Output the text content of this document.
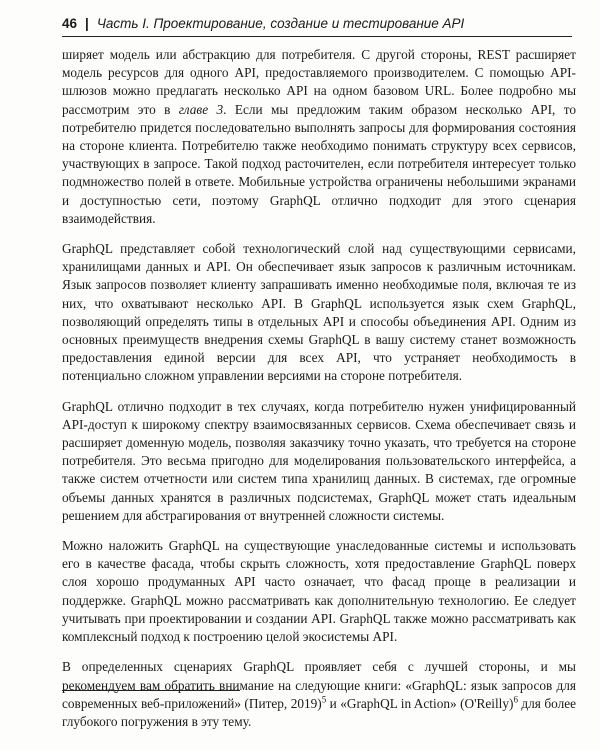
46 | Часть I. Проектирование, создание и тестирование API

ширяет модель или абстракцию для потребителя. С другой стороны, REST расширяет модель ресурсов для одного API, предоставляемого производителем. С помощью API-шлюзов можно предлагать несколько API на одном базовом URL. Более подробно мы рассмотрим это в главе 3. Если мы предложим таким образом несколько API, то потребителю придется последовательно выполнять запросы для формирования состояния на стороне клиента. Потребителю также необходимо понимать структуру всех сервисов, участвующих в запросе. Такой подход расточителен, если потребителя интересует только подмножество полей в ответе. Мобильные устройства ограничены небольшими экранами и доступностью сети, поэтому GraphQL отлично подходит для этого сценария взаимодействия.

GraphQL представляет собой технологический слой над существующими сервисами, хранилищами данных и API. Он обеспечивает язык запросов к различным источникам. Язык запросов позволяет клиенту запрашивать именно необходимые поля, включая те из них, что охватывают несколько API. В GraphQL используется язык схем GraphQL, позволяющий определять типы в отдельных API и способы объединения API. Одним из основных преимуществ внедрения схемы GraphQL в вашу систему станет возможность предоставления единой версии для всех API, что устраняет необходимость в потенциально сложном управлении версиями на стороне потребителя.

GraphQL отлично подходит в тех случаях, когда потребителю нужен унифицированный API-доступ к широкому спектру взаимосвязанных сервисов. Схема обеспечивает связь и расширяет доменную модель, позволяя заказчику точно указать, что требуется на стороне потребителя. Это весьма пригодно для моделирования пользовательского интерфейса, а также систем отчетности или систем типа хранилищ данных. В системах, где огромные объемы данных хранятся в различных подсистемах, GraphQL может стать идеальным решением для абстрагирования от внутренней сложности системы.

Можно наложить GraphQL на существующие унаследованные системы и использовать его в качестве фасада, чтобы скрыть сложность, хотя предоставление GraphQL поверх слоя хорошо продуманных API часто означает, что фасад проще в реализации и поддержке. GraphQL можно рассматривать как дополнительную технологию. Ее следует учитывать при проектировании и создании API. GraphQL также можно рассматривать как комплексный подход к построению целой экосистемы API.

В определенных сценариях GraphQL проявляет себя с лучшей стороны, и мы рекомендуем вам обратить внимание на следующие книги: «GraphQL: язык запросов для современных веб-приложений» (Питер, 2019)$^5$ и «GraphQL in Action» (O'Reilly)$^6$ для более глубокого погружения в эту тему.
